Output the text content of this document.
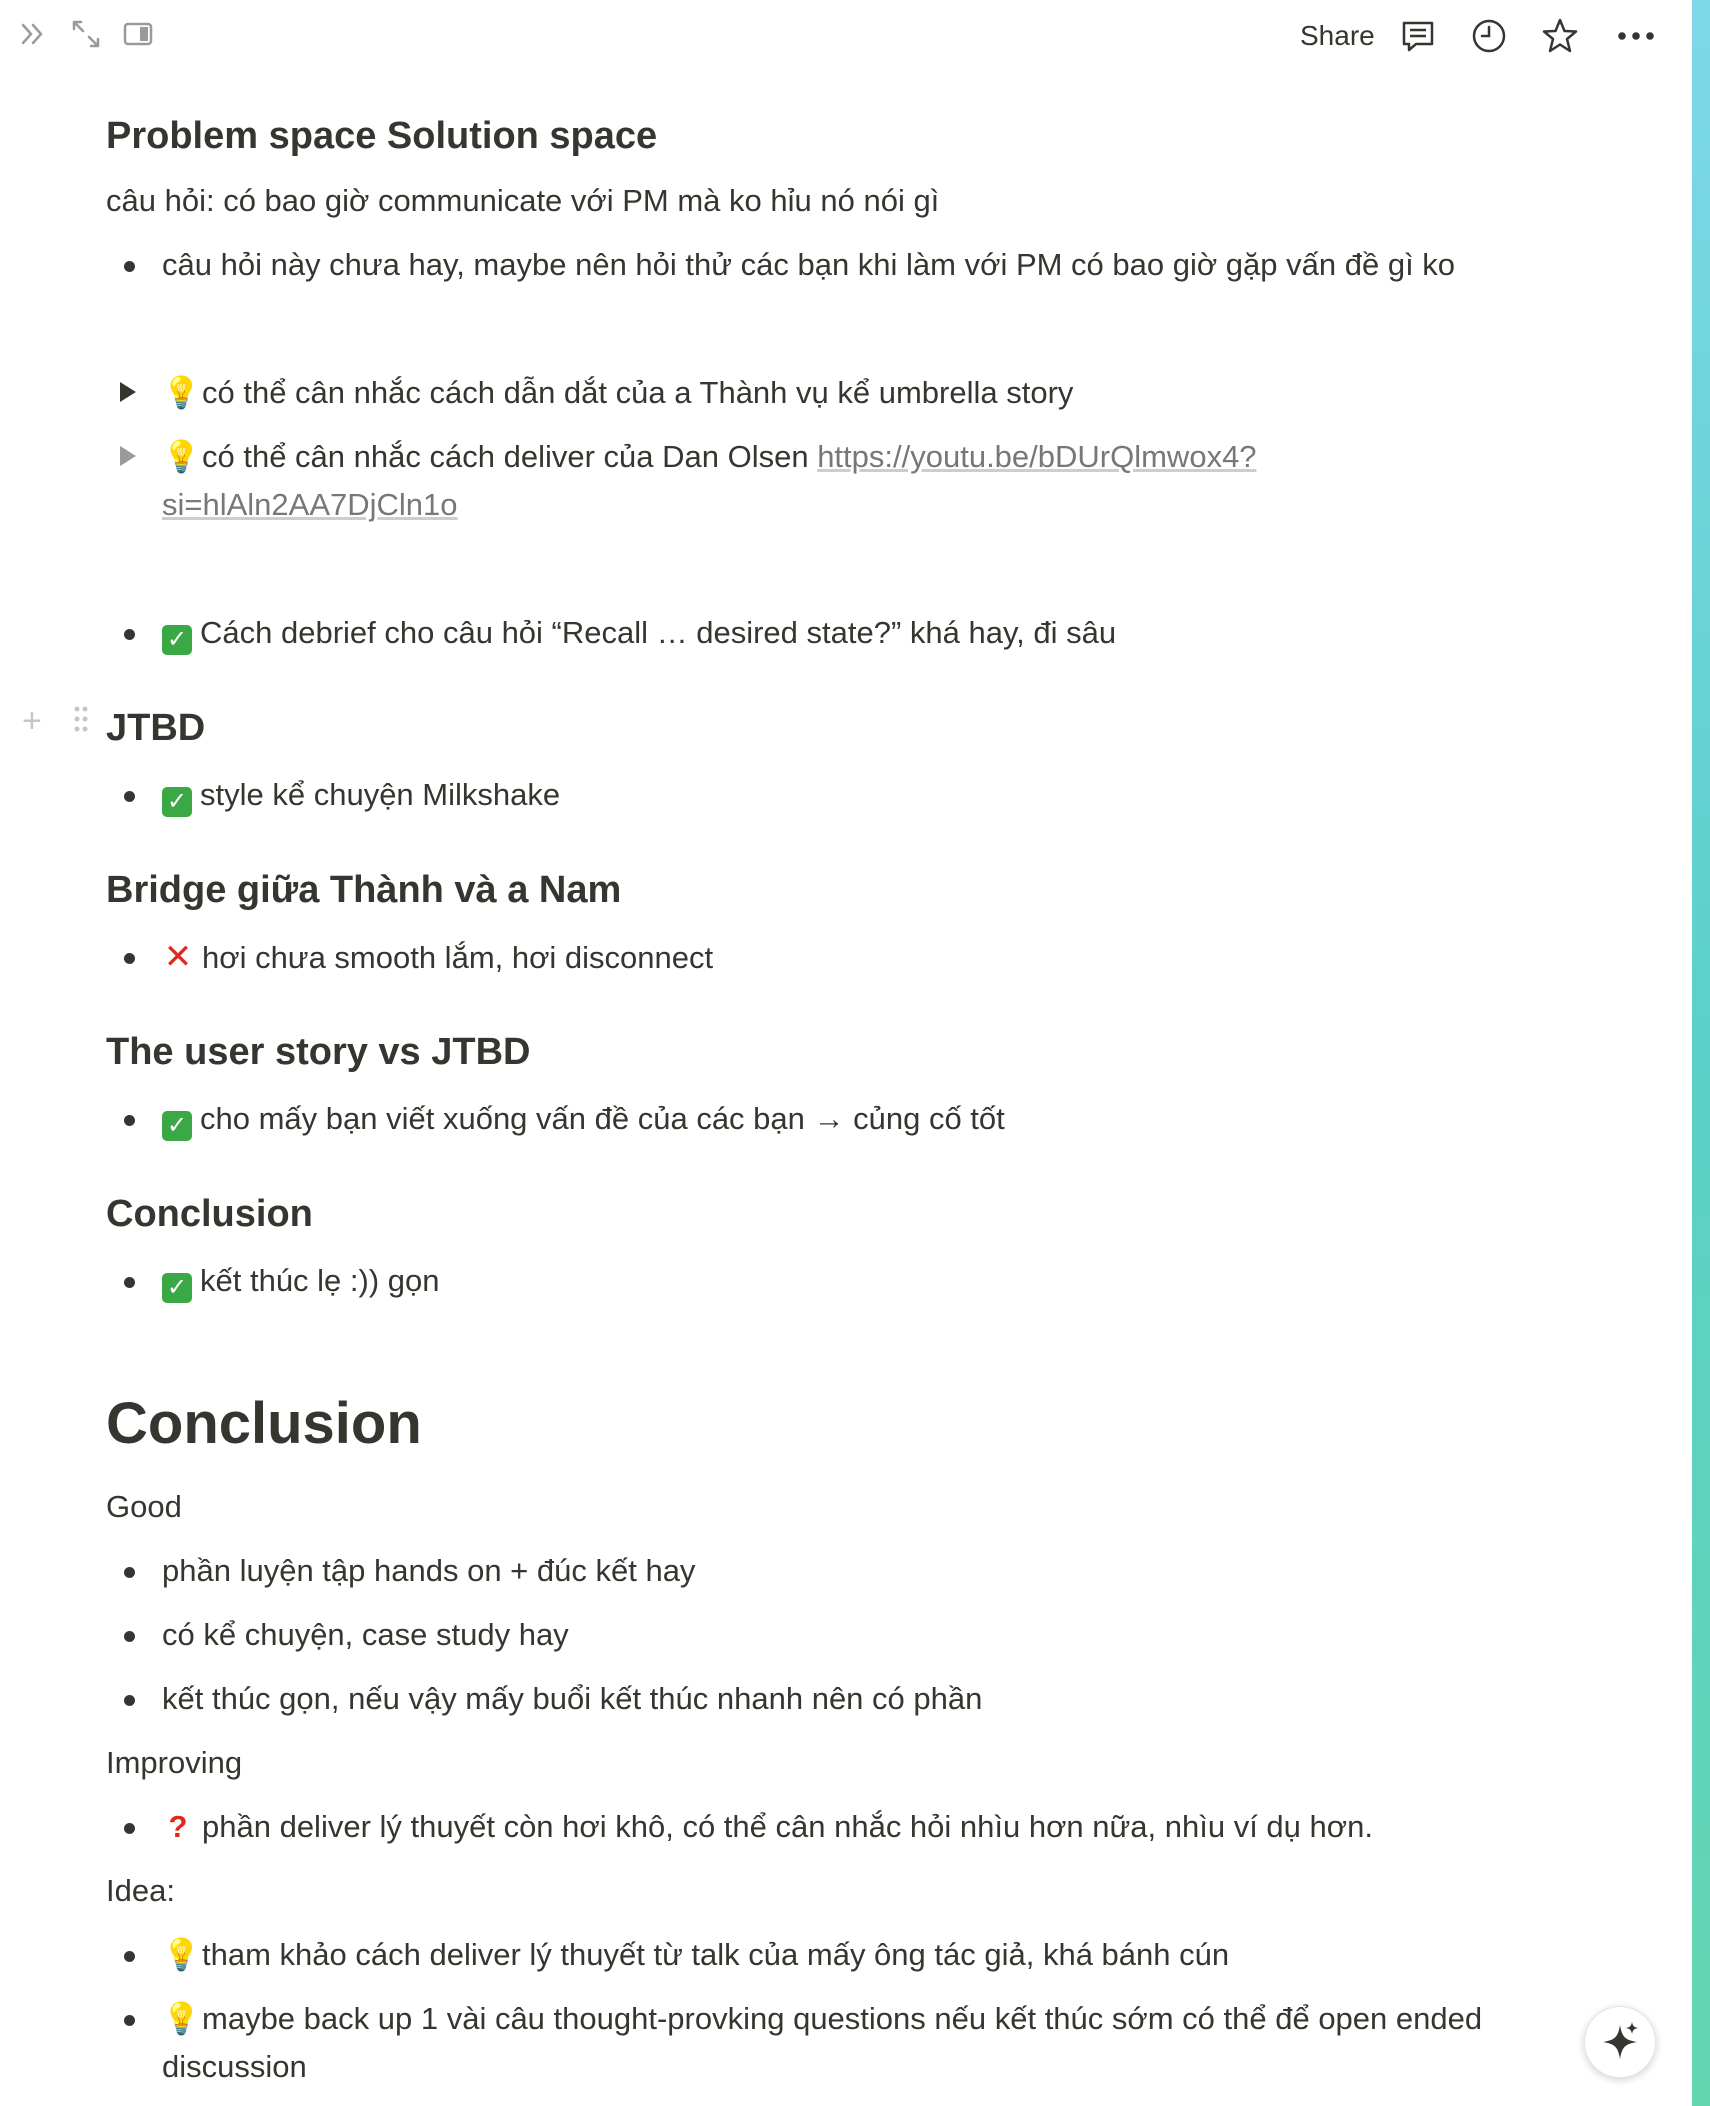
Share
Problem space Solution space
câu hỏi: có bao giờ communicate với PM mà ko hỉu nó nói gì
câu hỏi này chưa hay, maybe nên hỏi thử các bạn khi làm với PM có bao giờ gặp vấn đề gì ko
💡có thể cân nhắc cách dẫn dắt của a Thành vụ kể umbrella story
💡có thể cân nhắc cách deliver của Dan Olsen https://youtu.be/bDUrQlmwox4?
si=hlAln2AA7DjCln1o
✓ Cách debrief cho câu hỏi “Recall … desired state?” khá hay, đi sâu
+ JTBD
✓ style kể chuyện Milkshake
Bridge giữa Thành và a Nam
✕ hơi chưa smooth lắm, hơi disconnect
The user story vs JTBD
✓ cho mấy bạn viết xuống vấn đề của các bạn → củng cố tốt
Conclusion
✓ kết thúc lẹ :)) gọn
Conclusion
Good
phần luyện tập hands on + đúc kết hay
có kể chuyện, case study hay
kết thúc gọn, nếu vậy mấy buổi kết thúc nhanh nên có phần
Improving
? phần deliver lý thuyết còn hơi khô, có thể cân nhắc hỏi nhìu hơn nữa, nhìu ví dụ hơn.
Idea:
💡tham khảo cách deliver lý thuyết từ talk của mấy ông tác giả, khá bánh cún
💡maybe back up 1 vài câu thought-provking questions nếu kết thúc sớm có thể để open ended
discussion
